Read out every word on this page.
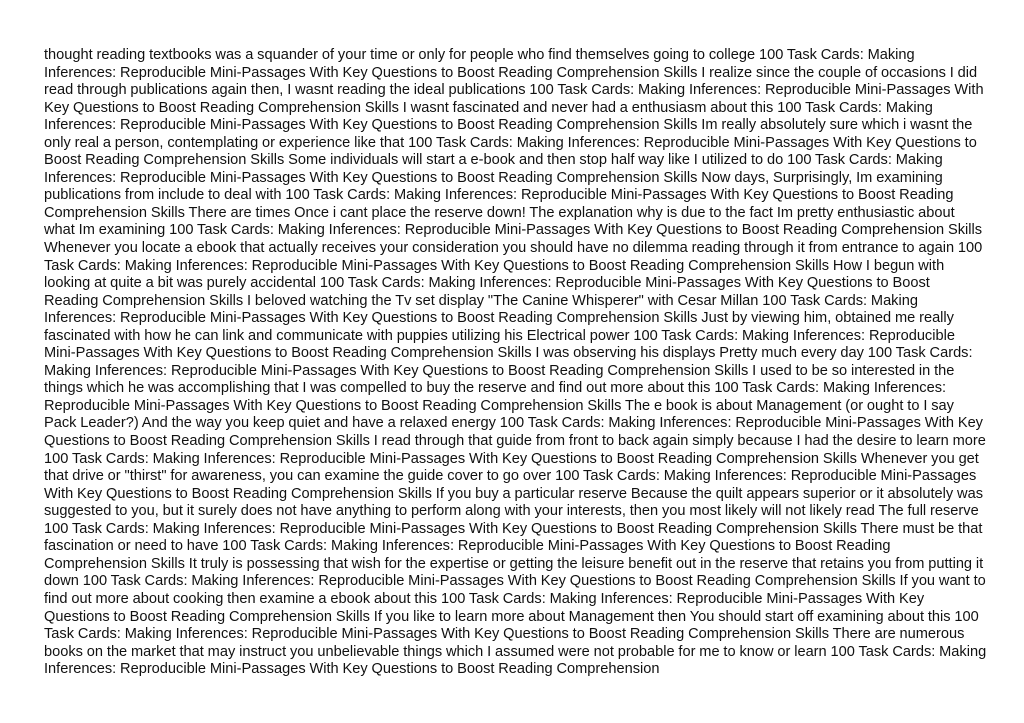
thought reading textbooks was a squander of your time or only for people who find themselves going to college 100 Task Cards: Making Inferences: Reproducible Mini-Passages With Key Questions to Boost Reading Comprehension Skills I realize since the couple of occasions I did read through publications again then, I wasnt reading the ideal publications 100 Task Cards: Making Inferences: Reproducible Mini-Passages With Key Questions to Boost Reading Comprehension Skills I wasnt fascinated and never had a enthusiasm about this 100 Task Cards: Making Inferences: Reproducible Mini-Passages With Key Questions to Boost Reading Comprehension Skills Im really absolutely sure which i wasnt the only real a person, contemplating or experience like that 100 Task Cards: Making Inferences: Reproducible Mini-Passages With Key Questions to Boost Reading Comprehension Skills Some individuals will start a e-book and then stop half way like I utilized to do 100 Task Cards: Making Inferences: Reproducible Mini-Passages With Key Questions to Boost Reading Comprehension Skills Now days, Surprisingly, Im examining publications from include to deal with 100 Task Cards: Making Inferences: Reproducible Mini-Passages With Key Questions to Boost Reading Comprehension Skills There are times Once i cant place the reserve down! The explanation why is due to the fact Im pretty enthusiastic about what Im examining 100 Task Cards: Making Inferences: Reproducible Mini-Passages With Key Questions to Boost Reading Comprehension Skills Whenever you locate a ebook that actually receives your consideration you should have no dilemma reading through it from entrance to again 100 Task Cards: Making Inferences: Reproducible Mini-Passages With Key Questions to Boost Reading Comprehension Skills How I begun with looking at quite a bit was purely accidental 100 Task Cards: Making Inferences: Reproducible Mini-Passages With Key Questions to Boost Reading Comprehension Skills I beloved watching the Tv set display "The Canine Whisperer" with Cesar Millan 100 Task Cards: Making Inferences: Reproducible Mini-Passages With Key Questions to Boost Reading Comprehension Skills Just by viewing him, obtained me really fascinated with how he can link and communicate with puppies utilizing his Electrical power 100 Task Cards: Making Inferences: Reproducible Mini-Passages With Key Questions to Boost Reading Comprehension Skills I was observing his displays Pretty much every day 100 Task Cards: Making Inferences: Reproducible Mini-Passages With Key Questions to Boost Reading Comprehension Skills I used to be so interested in the things which he was accomplishing that I was compelled to buy the reserve and find out more about this 100 Task Cards: Making Inferences: Reproducible Mini-Passages With Key Questions to Boost Reading Comprehension Skills The e book is about Management (or ought to I say Pack Leader?) And the way you keep quiet and have a relaxed energy 100 Task Cards: Making Inferences: Reproducible Mini-Passages With Key Questions to Boost Reading Comprehension Skills I read through that guide from front to back again simply because I had the desire to learn more 100 Task Cards: Making Inferences: Reproducible Mini-Passages With Key Questions to Boost Reading Comprehension Skills Whenever you get that drive or "thirst" for awareness, you can examine the guide cover to go over 100 Task Cards: Making Inferences: Reproducible Mini-Passages With Key Questions to Boost Reading Comprehension Skills If you buy a particular reserve Because the quilt appears superior or it absolutely was suggested to you, but it surely does not have anything to perform along with your interests, then you most likely will not likely read The full reserve 100 Task Cards: Making Inferences: Reproducible Mini-Passages With Key Questions to Boost Reading Comprehension Skills There must be that fascination or need to have 100 Task Cards: Making Inferences: Reproducible Mini-Passages With Key Questions to Boost Reading Comprehension Skills It truly is possessing that wish for the expertise or getting the leisure benefit out in the reserve that retains you from putting it down 100 Task Cards: Making Inferences: Reproducible Mini-Passages With Key Questions to Boost Reading Comprehension Skills If you want to find out more about cooking then examine a ebook about this 100 Task Cards: Making Inferences: Reproducible Mini-Passages With Key Questions to Boost Reading Comprehension Skills If you like to learn more about Management then You should start off examining about this 100 Task Cards: Making Inferences: Reproducible Mini-Passages With Key Questions to Boost Reading Comprehension Skills There are numerous books on the market that may instruct you unbelievable things which I assumed were not probable for me to know or learn 100 Task Cards: Making Inferences: Reproducible Mini-Passages With Key Questions to Boost Reading Comprehension
